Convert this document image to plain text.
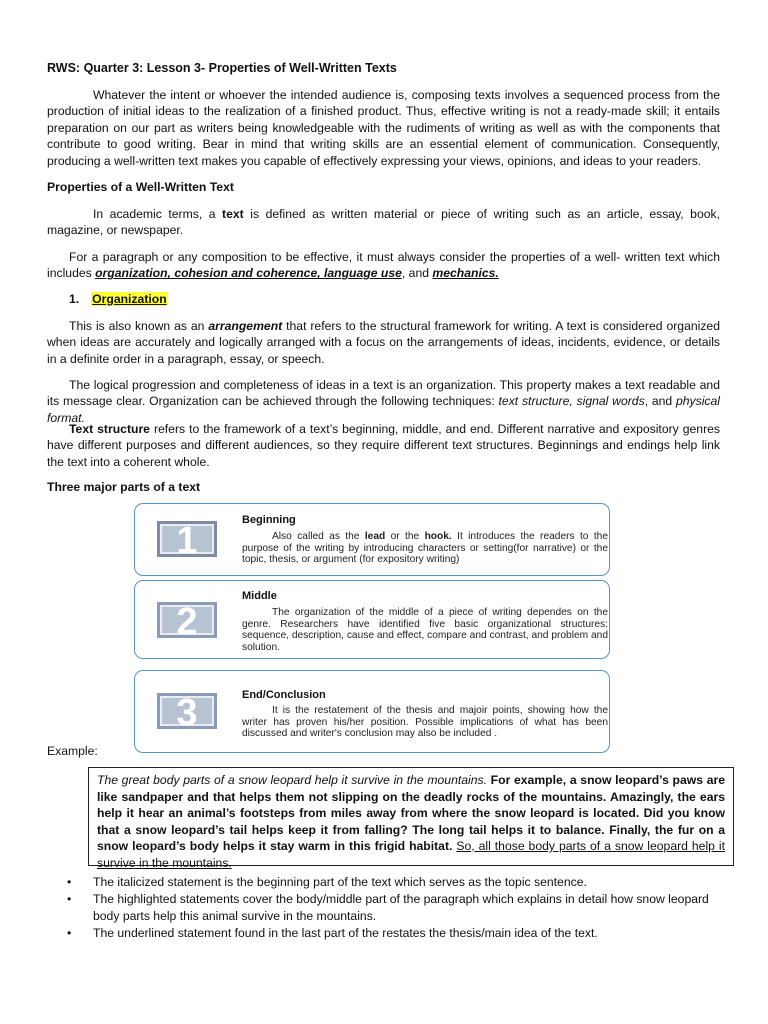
RWS: Quarter 3: Lesson 3- Properties of Well-Written Texts

Whatever the intent or whoever the intended audience is, composing texts involves a sequenced process from the production of initial ideas to the realization of a finished product. Thus, effective writing is not a ready-made skill; it entails preparation on our part as writers being knowledgeable with the rudiments of writing as well as with the components that contribute to good writing. Bear in mind that writing skills are an essential element of communication. Consequently, producing a well-written text makes you capable of effectively expressing your views, opinions, and ideas to your readers.

Properties of a Well-Written Text

In academic terms, a text is defined as written material or piece of writing such as an article, essay, book, magazine, or newspaper.

For a paragraph or any composition to be effective, it must always consider the properties of a well- written text which includes organization, cohesion and coherence, language use, and mechanics.

1. Organization

This is also known as an arrangement that refers to the structural framework for writing. A text is considered organized when ideas are accurately and logically arranged with a focus on the arrangements of ideas, incidents, evidence, or details in a definite order in a paragraph, essay, or speech.

The logical progression and completeness of ideas in a text is an organization. This property makes a text readable and its message clear. Organization can be achieved through the following techniques: text structure, signal words, and physical format.

Text structure refers to the framework of a text’s beginning, middle, and end. Different narrative and expository genres have different purposes and different audiences, so they require different text structures. Beginnings and endings help link the text into a coherent whole.

Three major parts of a text
1	Beginning
Also called as the lead or the hook. It introduces the readers to the purpose of the writing by introducing characters or setting(for narrative) or the topic, thesis, or argument (for expository writing)
2
Middle
The organization of the middle of a piece of writing dependes on the genre. Researchers have identified five basic organizational structures: sequence, description, cause and effect, compare and contrast, and problem and solution.
3	End/Conclusion
It is the restatement of the thesis and majoir points, showing how the writer has proven his/her position. Possible implications of what has been discussed and writer's conclusion may also be included .
Example:
The great body parts of a snow leopard help it survive in the mountains. For example, a snow leopard’s paws are like sandpaper and that helps them not slipping on the deadly rocks of the mountains. Amazingly, the ears help it hear an animal’s footsteps from miles away from where the snow leopard is located. Did you know that a snow leopard’s tail helps keep it from falling? The long tail helps it to balance. Finally, the fur on a snow leopard’s body helps it stay warm in this frigid habitat. So, all those body parts of a snow leopard help it survive in the mountains.
• The italicized statement is the beginning part of the text which serves as the topic sentence.
• The highlighted statements cover the body/middle part of the paragraph which explains in detail how snow leopard body parts help this animal survive in the mountains.
• The underlined statement found in the last part of the restates the thesis/main idea of the text.
